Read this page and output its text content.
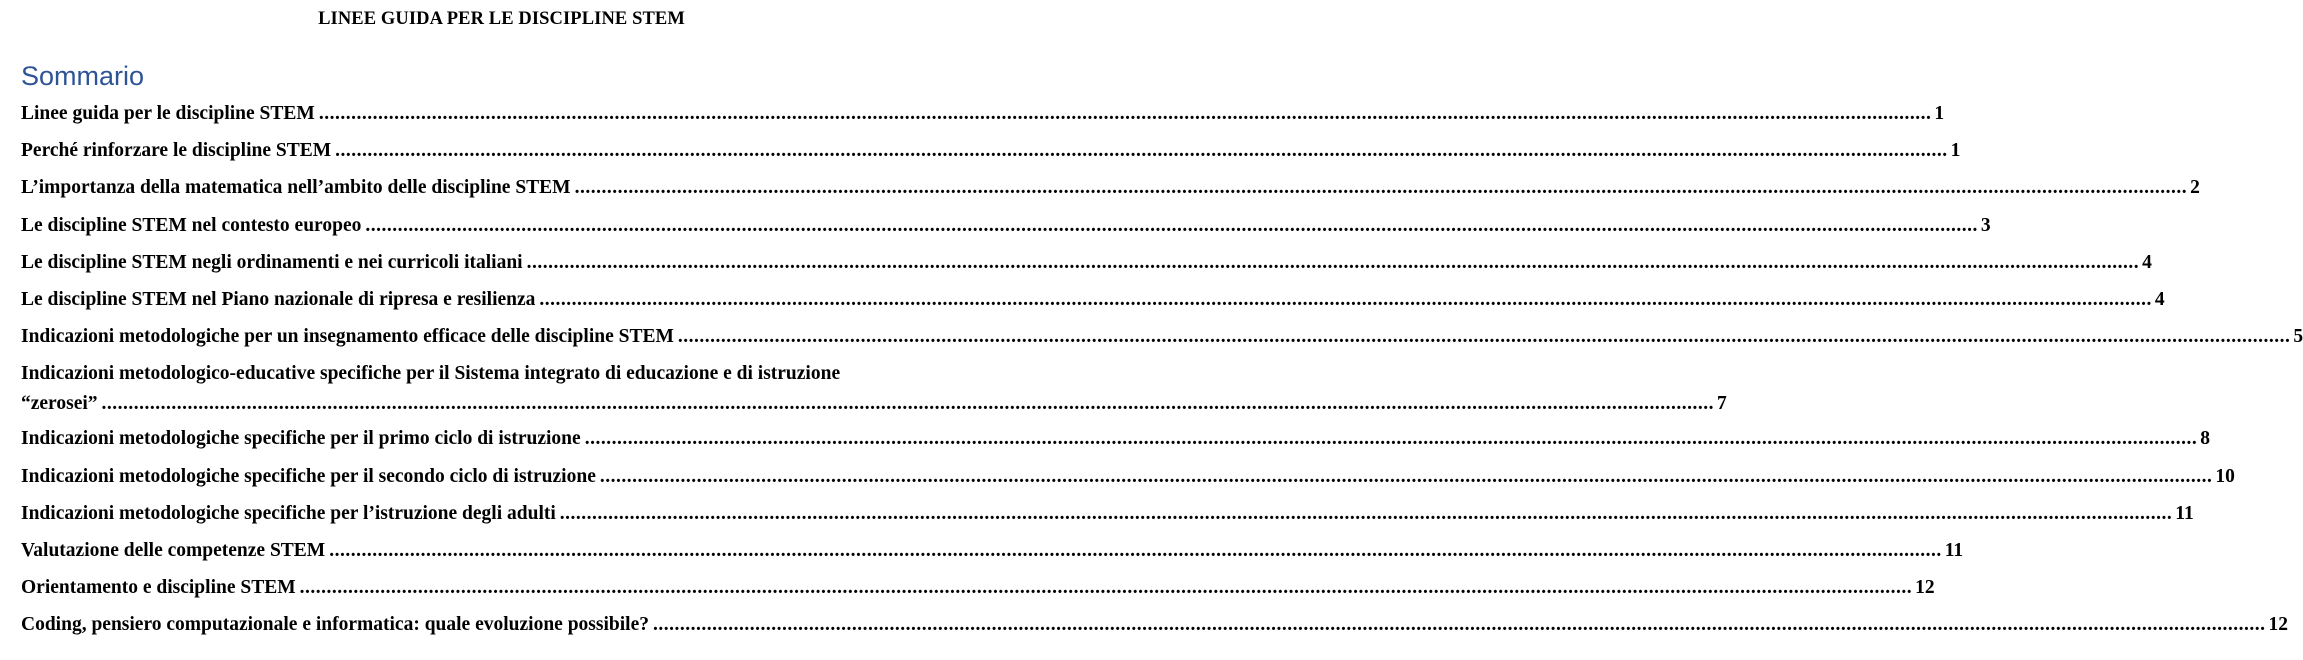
LINEE GUIDA PER LE DISCIPLINE STEM
Sommario
Linee guida per le discipline STEM ............................................................................................................................................................................................................................................................................................................ 1
Perché rinforzare le discipline STEM ............................................................................................................................................................................................................................................................................................................ 1
L’importanza della matematica nell’ambito delle discipline STEM ............................................................................................................................................................................................................................................................................................................ 2
Le discipline STEM nel contesto europeo ............................................................................................................................................................................................................................................................................................................ 3
Le discipline STEM negli ordinamenti e nei curricoli italiani ............................................................................................................................................................................................................................................................................................................ 4
Le discipline STEM nel Piano nazionale di ripresa e resilienza ............................................................................................................................................................................................................................................................................................................ 4
Indicazioni metodologiche per un insegnamento efficace delle discipline STEM ............................................................................................................................................................................................................................................................................................................ 5
Indicazioni metodologico-educative specifiche per il Sistema integrato di educazione e di istruzione
“zerosei” ............................................................................................................................................................................................................................................................................................................ 7
Indicazioni metodologiche specifiche per il primo ciclo di istruzione ............................................................................................................................................................................................................................................................................................................ 8
Indicazioni metodologiche specifiche per il secondo ciclo di istruzione ............................................................................................................................................................................................................................................................................................................ 10
Indicazioni metodologiche specifiche per l’istruzione degli adulti ............................................................................................................................................................................................................................................................................................................ 11
Valutazione delle competenze STEM ............................................................................................................................................................................................................................................................................................................ 11
Orientamento e discipline STEM ............................................................................................................................................................................................................................................................................................................ 12
Coding, pensiero computazionale e informatica: quale evoluzione possibile? ............................................................................................................................................................................................................................................................................................................ 12
